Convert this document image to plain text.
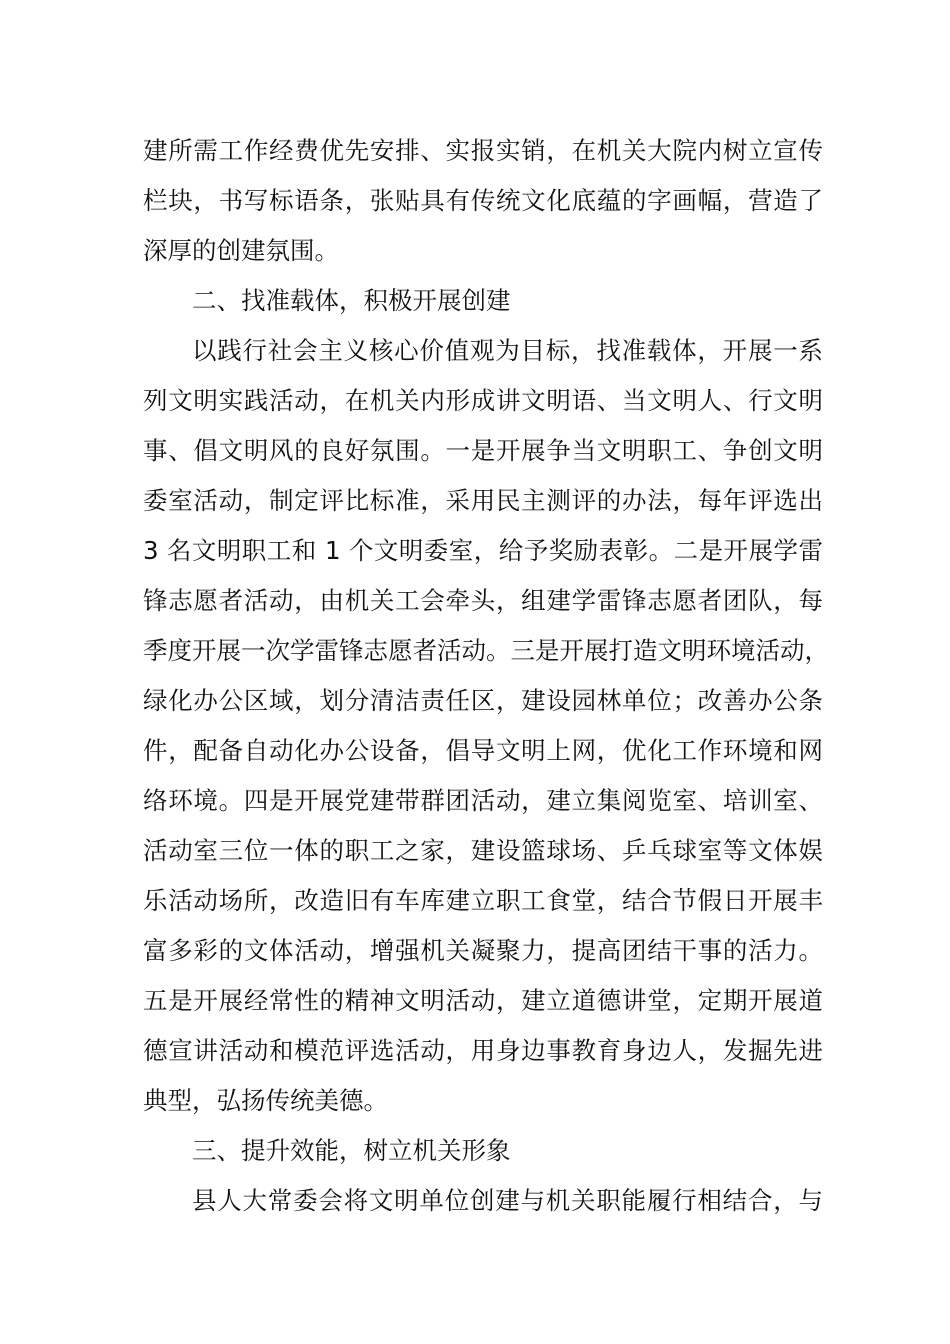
建所需工作经费优先安排、实报实销，在机关大院内树立宣传
栏块，书写标语条，张贴具有传统文化底蕴的字画幅，营造了
深厚的创建氛围。
二、找准载体，积极开展创建
以践行社会主义核心价值观为目标，找准载体，开展一系
列文明实践活动，在机关内形成讲文明语、当文明人、行文明
事、倡文明风的良好氛围。一是开展争当文明职工、争创文明
委室活动，制定评比标准，采用民主测评的办法，每年评选出
3 名文明职工和 1 个文明委室，给予奖励表彰。二是开展学雷
锋志愿者活动，由机关工会牵头，组建学雷锋志愿者团队，每
季度开展一次学雷锋志愿者活动。三是开展打造文明环境活动，
绿化办公区域，划分清洁责任区，建设园林单位；改善办公条
件，配备自动化办公设备，倡导文明上网，优化工作环境和网
络环境。四是开展党建带群团活动，建立集阅览室、培训室、
活动室三位一体的职工之家，建设篮球场、乒乓球室等文体娱
乐活动场所，改造旧有车库建立职工食堂，结合节假日开展丰
富多彩的文体活动，增强机关凝聚力，提高团结干事的活力。
五是开展经常性的精神文明活动，建立道德讲堂，定期开展道
德宣讲活动和模范评选活动，用身边事教育身边人，发掘先进
典型，弘扬传统美德。
三、提升效能，树立机关形象
县人大常委会将文明单位创建与机关职能履行相结合，与
